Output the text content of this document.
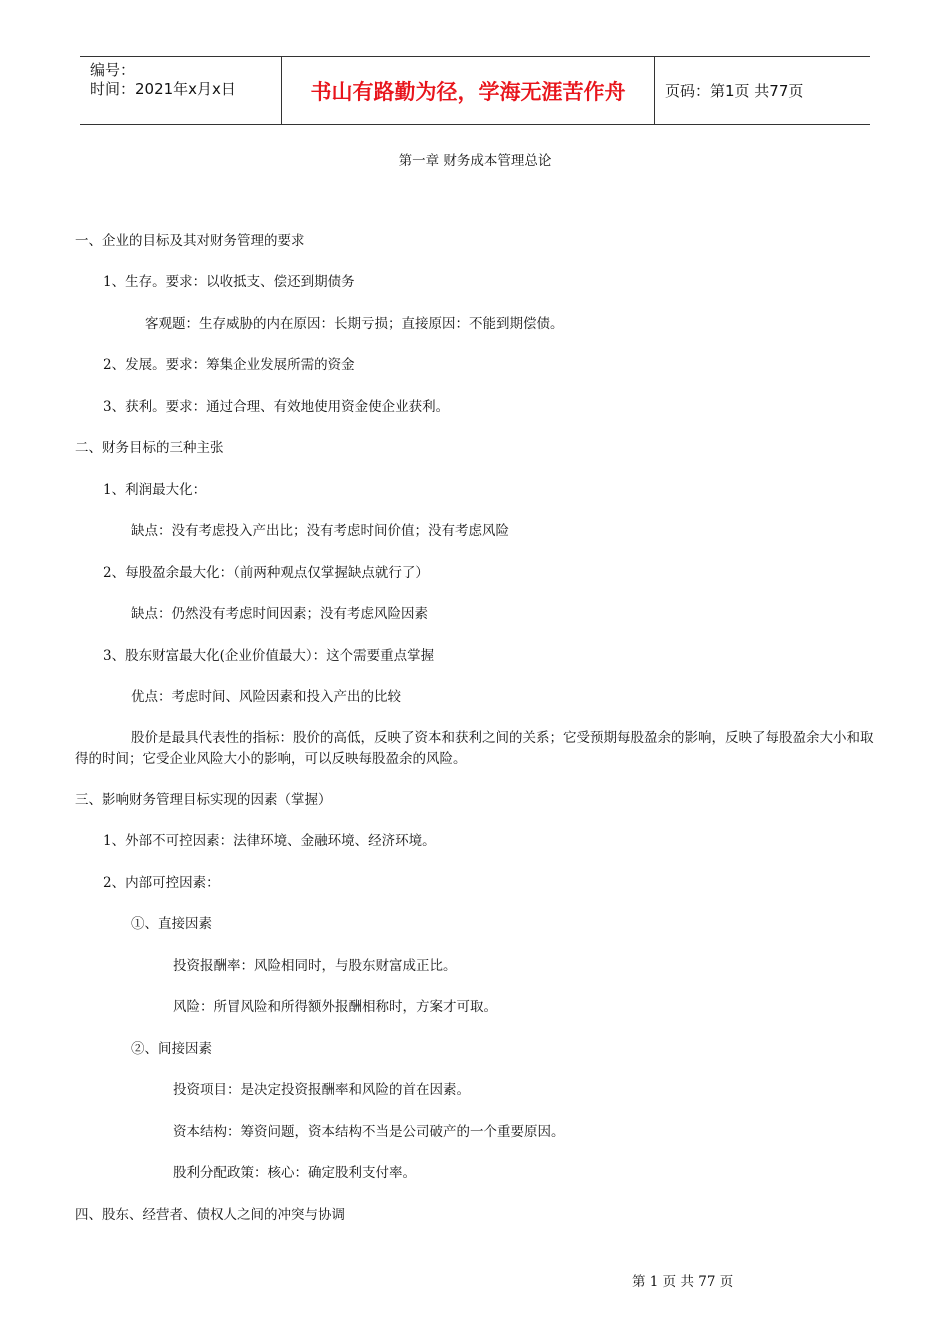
编号：
时间：2021年x月x日	书山有路勤为径，学海无涯苦作舟	页码：第1页 共77页
第一章 财务成本管理总论
一、企业的目标及其对财务管理的要求
1、生存。要求：以收抵支、偿还到期债务
客观题：生存威胁的内在原因：长期亏损；直接原因：不能到期偿债。
2、发展。要求：筹集企业发展所需的资金
3、获利。要求：通过合理、有效地使用资金使企业获利。
二、财务目标的三种主张
1、利润最大化：
缺点：没有考虑投入产出比；没有考虑时间价值；没有考虑风险
2、每股盈余最大化：（前两种观点仅掌握缺点就行了）
缺点：仍然没有考虑时间因素；没有考虑风险因素
3、股东财富最大化(企业价值最大）：这个需要重点掌握
优点：考虑时间、风险因素和投入产出的比较
股价是最具代表性的指标：股价的高低，反映了资本和获利之间的关系；它受预期每股盈余的影响，反映了每股盈余大小和取得的时间；它受企业风险大小的影响，可以反映每股盈余的风险。
三、影响财务管理目标实现的因素（掌握）
1、外部不可控因素：法律环境、金融环境、经济环境。
2、内部可控因素：
①、直接因素
投资报酬率：风险相同时，与股东财富成正比。
风险：所冒风险和所得额外报酬相称时，方案才可取。
②、间接因素
投资项目：是决定投资报酬率和风险的首在因素。
资本结构：筹资问题，资本结构不当是公司破产的一个重要原因。
股利分配政策：核心：确定股利支付率。
四、股东、经营者、债权人之间的冲突与协调
第 1 页 共 77 页
